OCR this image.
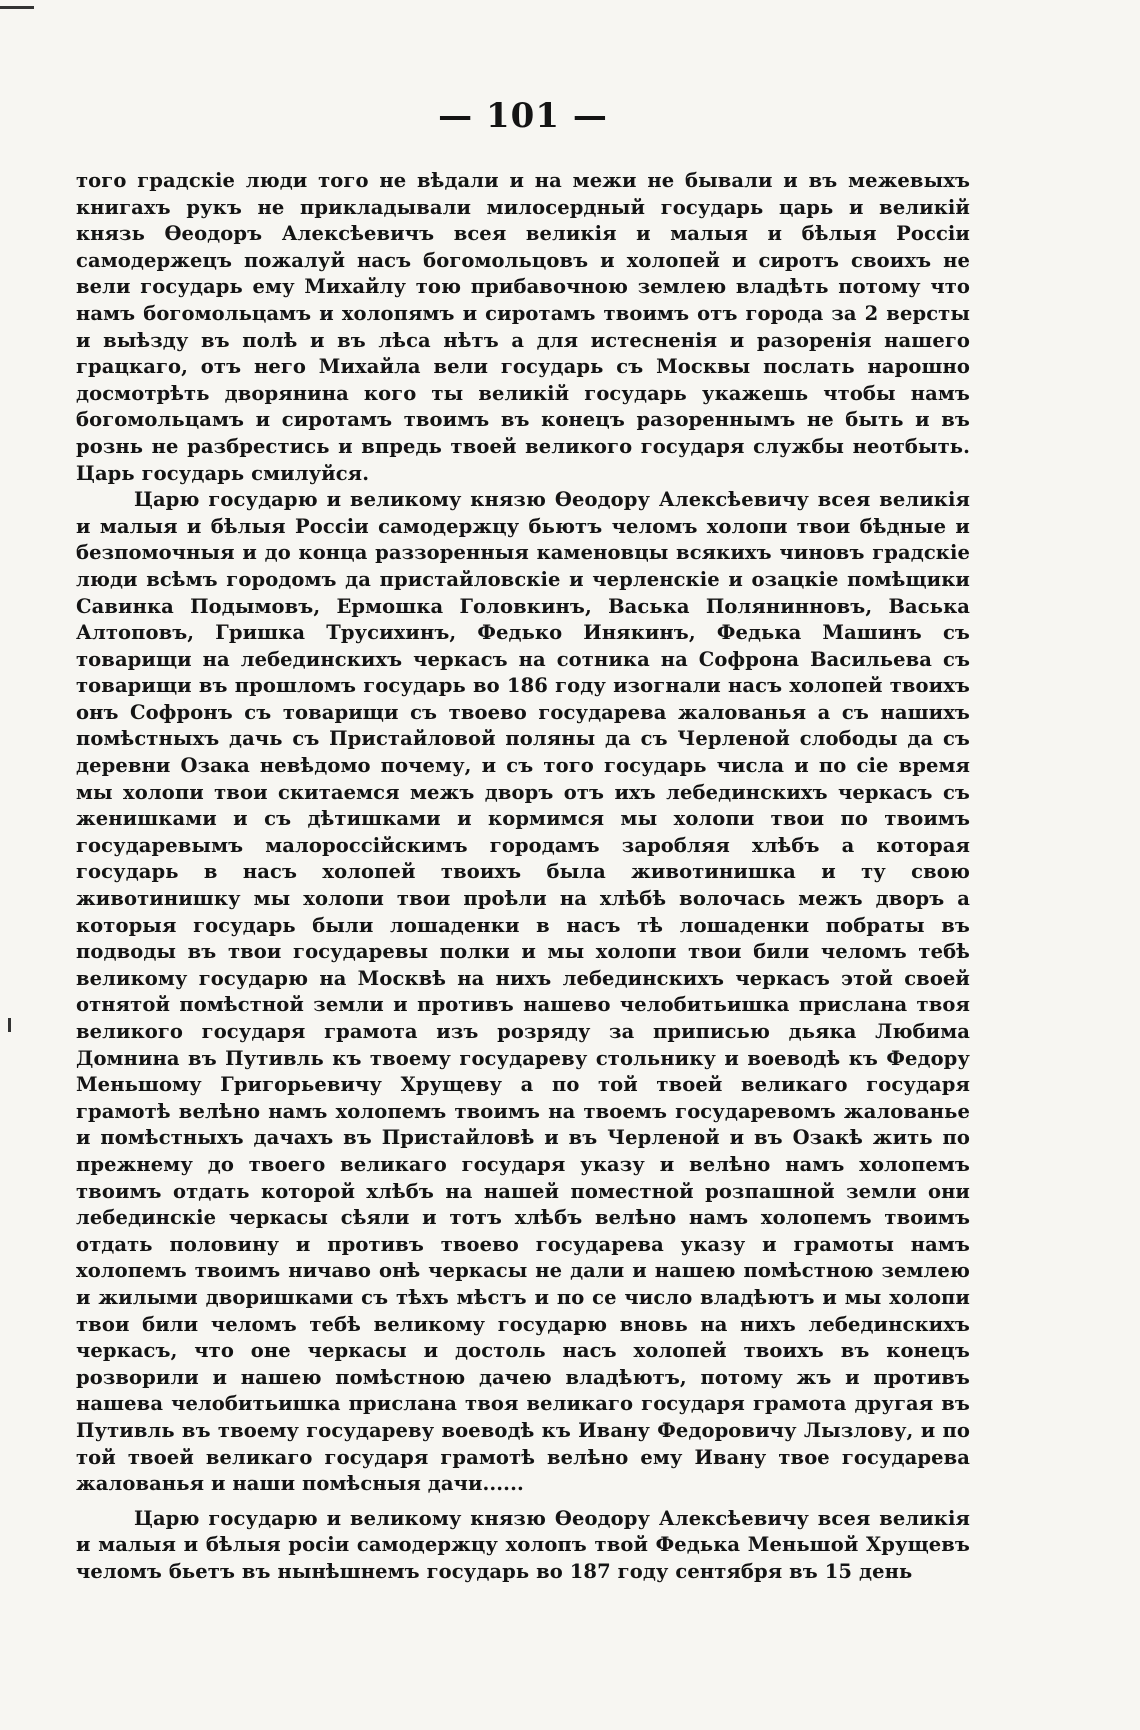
— 101 —

того градскіе люди того не вѣдали и на межи не бывали и въ межевыхъ книгахъ рукъ не прикладывали милосердный государь царь и великій князь Өеодоръ Алексѣевичъ всея великія и малыя и бѣлыя Россіи самодержецъ пожалуй насъ богомольцовъ и холопей и сиротъ своихъ не вели государь ему Михайлу тою прибавочною землею владѣть потому что намъ богомольцамъ и холопямъ и сиротамъ твоимъ отъ города за 2 версты и выѣзду въ полѣ и въ лѣса нѣтъ а для истесненія и разоренія нашего грацкаго, отъ него Михайла вели государь съ Москвы послать нарошно досмотрѣть дворянина кого ты великій государь укажешь чтобы намъ богомольцамъ и сиротамъ твоимъ въ конецъ разореннымъ не быть и въ рознь не разбрестись и впредь твоей великого государя службы неотбыть. Царь государь смилуйся.

Царю государю и великому князю Өеодору Алексѣевичу всея великія и малыя и бѣлыя Россіи самодержцу бьютъ челомъ холопи твои бѣдные и безпомочныя и до конца раззоренныя каменовцы всякихъ чиновъ градскіе люди всѣмъ городомъ да пристайловскіе и черленскіе и озацкіе помѣщики Савинка Подымовъ, Ермошка Головкинъ, Васька Полянинновъ, Васька Алтоповъ, Гришка Трусихинъ, Федько Инякинъ, Федька Машинъ съ товарищи на лебединскихъ черкасъ на сотника на Софрона Васильева съ товарищи въ прошломъ государь во 186 году изогнали насъ холопей твоихъ онъ Софронъ съ товарищи съ твоево государева жалованья а съ нашихъ помѣстныхъ дачь съ Пристайловой поляны да съ Черленой слободы да съ деревни Озака невѣдомо почему, и съ того государь числа и по сіе время мы холопи твои скитаемся межъ дворъ отъ ихъ лебединскихъ черкасъ съ женишками и съ дѣтишками и кормимся мы холопи твои по твоимъ государевымъ малороссійскимъ городамъ заробляя хлѣбъ а которая государь в насъ холопей твоихъ была животинишка и ту свою животинишку мы холопи твои проѣли на хлѣбѣ волочась межъ дворъ а которыя государь были лошаденки в насъ тѣ лошаденки побраты въ подводы въ твои государевы полки и мы холопи твои били челомъ тебѣ великому государю на Москвѣ на нихъ лебединскихъ черкасъ этой своей отнятой помѣстной земли и противъ нашево челобитьишка прислана твоя великого государя грамота изъ розряду за приписью дьяка Любима Домнина въ Путивль къ твоему государеву стольнику и воеводѣ къ Федору Меньшому Григорьевичу Хрущеву а по той твоей великаго государя грамотѣ велѣно намъ холопемъ твоимъ на твоемъ государевомъ жалованье и помѣстныхъ дачахъ въ Пристайловѣ и въ Черленой и въ Озакѣ жить по прежнему до твоего великаго государя указу и велѣно намъ холопемъ твоимъ отдать которой хлѣбъ на нашей поместной розпашной земли они лебединскіе черкасы сѣяли и тотъ хлѣбъ велѣно намъ холопемъ твоимъ отдать половину и противъ твоево государева указу и грамоты намъ холопемъ твоимъ ничаво онѣ черкасы не дали и нашею помѣстною землею и жилыми дворишками съ тѣхъ мѣстъ и по се число владѣютъ и мы холопи твои били челомъ тебѣ великому государю вновь на нихъ лебединскихъ черкасъ, что оне черкасы и достоль насъ холопей твоихъ въ конецъ розворили и нашею помѣстною дачею владѣютъ, потому жъ и противъ нашева челобитьишка прислана твоя великаго государя грамота другая въ Путивль въ твоему государеву воеводѣ къ Ивану Федоровичу Лызлову, и по той твоей великаго государя грамотѣ велѣно ему Ивану твое государева жалованья и наши помѣсныя дачи......

Царю государю и великому князю Өеодору Алексѣевичу всея великія и малыя и бѣлыя росіи самодержцу холопъ твой Федька Меньшой Хрущевъ челомъ бьетъ въ нынѣшнемъ государь во 187 году сентября въ 15 день
